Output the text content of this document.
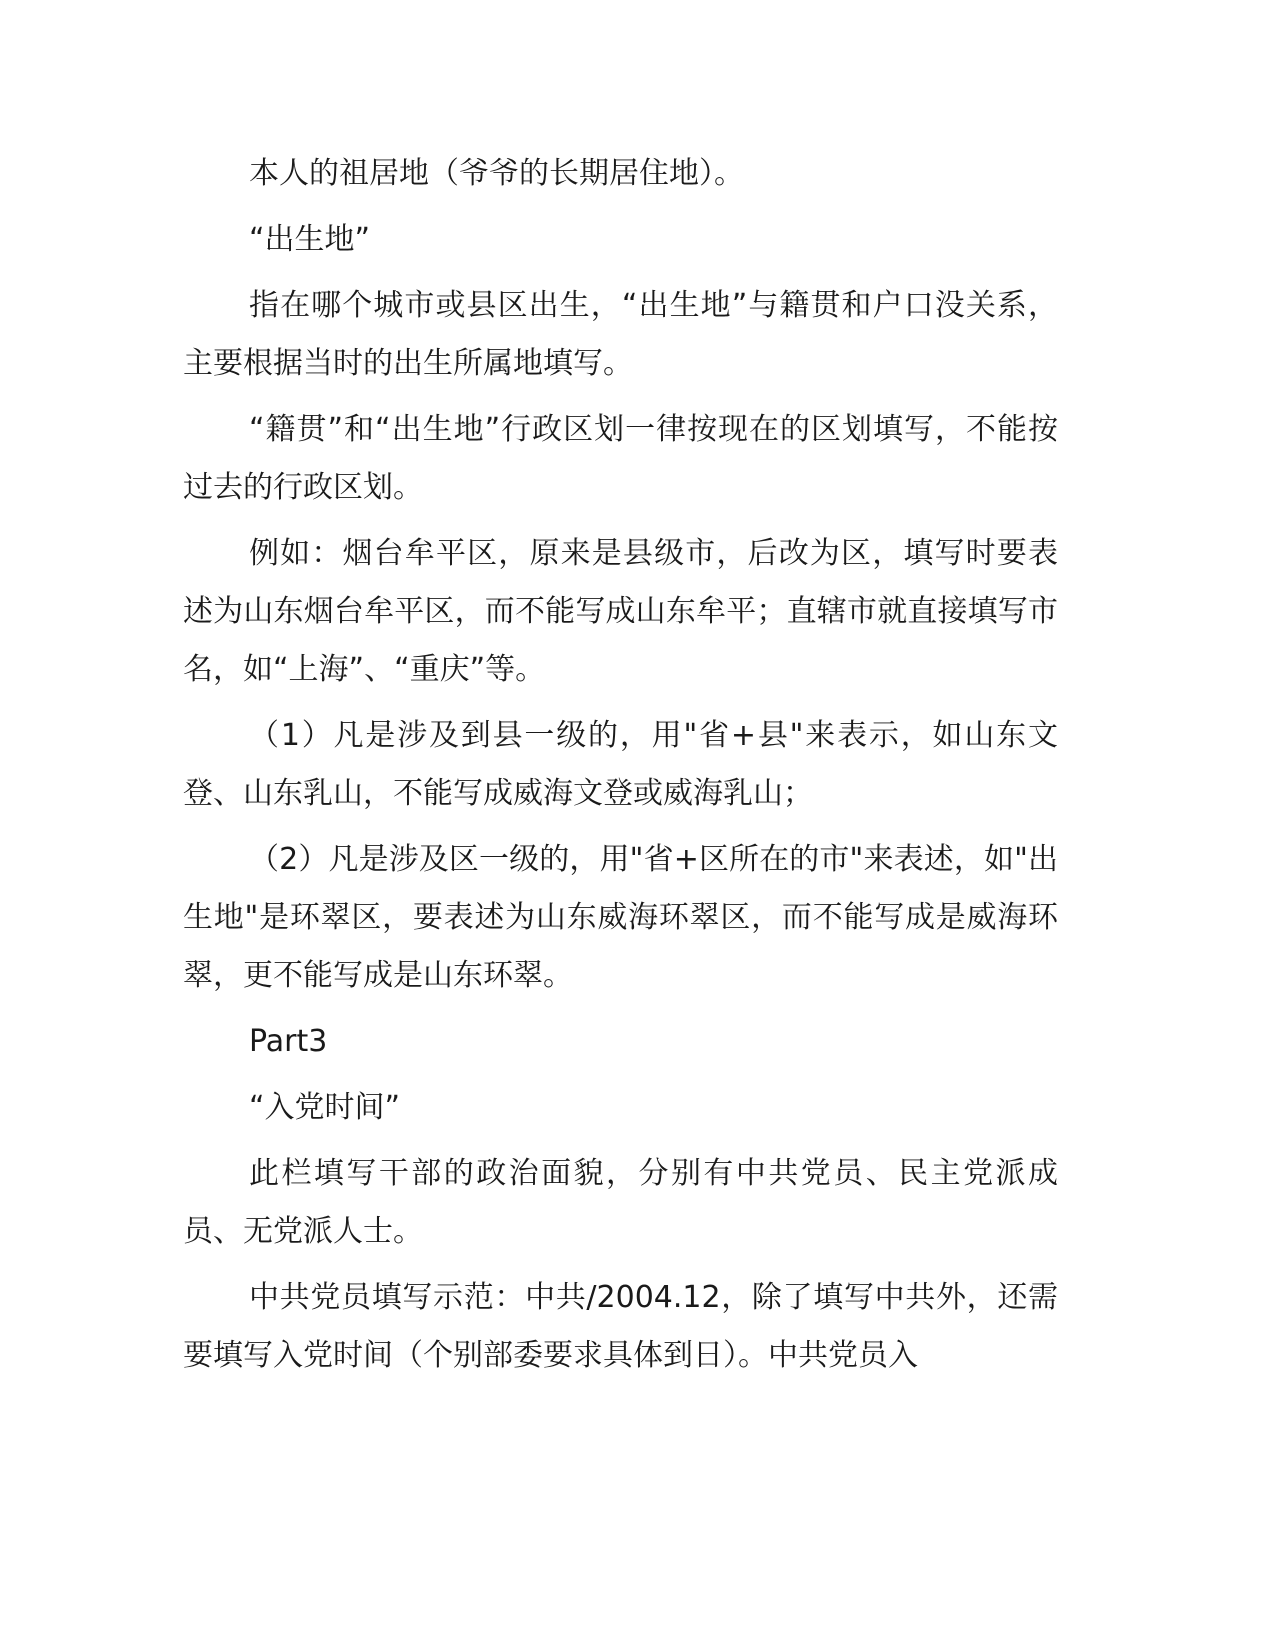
本人的祖居地（爷爷的长期居住地）。

“出生地”

指在哪个城市或县区出生，“出生地”与籍贯和户口没关系，主要根据当时的出生所属地填写。

“籍贯”和“出生地”行政区划一律按现在的区划填写，不能按过去的行政区划。

例如：烟台牟平区，原来是县级市，后改为区，填写时要表述为山东烟台牟平区，而不能写成山东牟平；直辖市就直接填写市名，如“上海”、“重庆”等。

（1）凡是涉及到县一级的，用"省+县"来表示，如山东文登、山东乳山，不能写成威海文登或威海乳山；

（2）凡是涉及区一级的，用"省+区所在的市"来表述，如"出生地"是环翠区，要表述为山东威海环翠区，而不能写成是威海环翠，更不能写成是山东环翠。

Part3

“入党时间”

此栏填写干部的政治面貌，分别有中共党员、民主党派成员、无党派人士。

中共党员填写示范：中共/2004.12，除了填写中共外，还需要填写入党时间（个别部委要求具体到日）。中共党员入
